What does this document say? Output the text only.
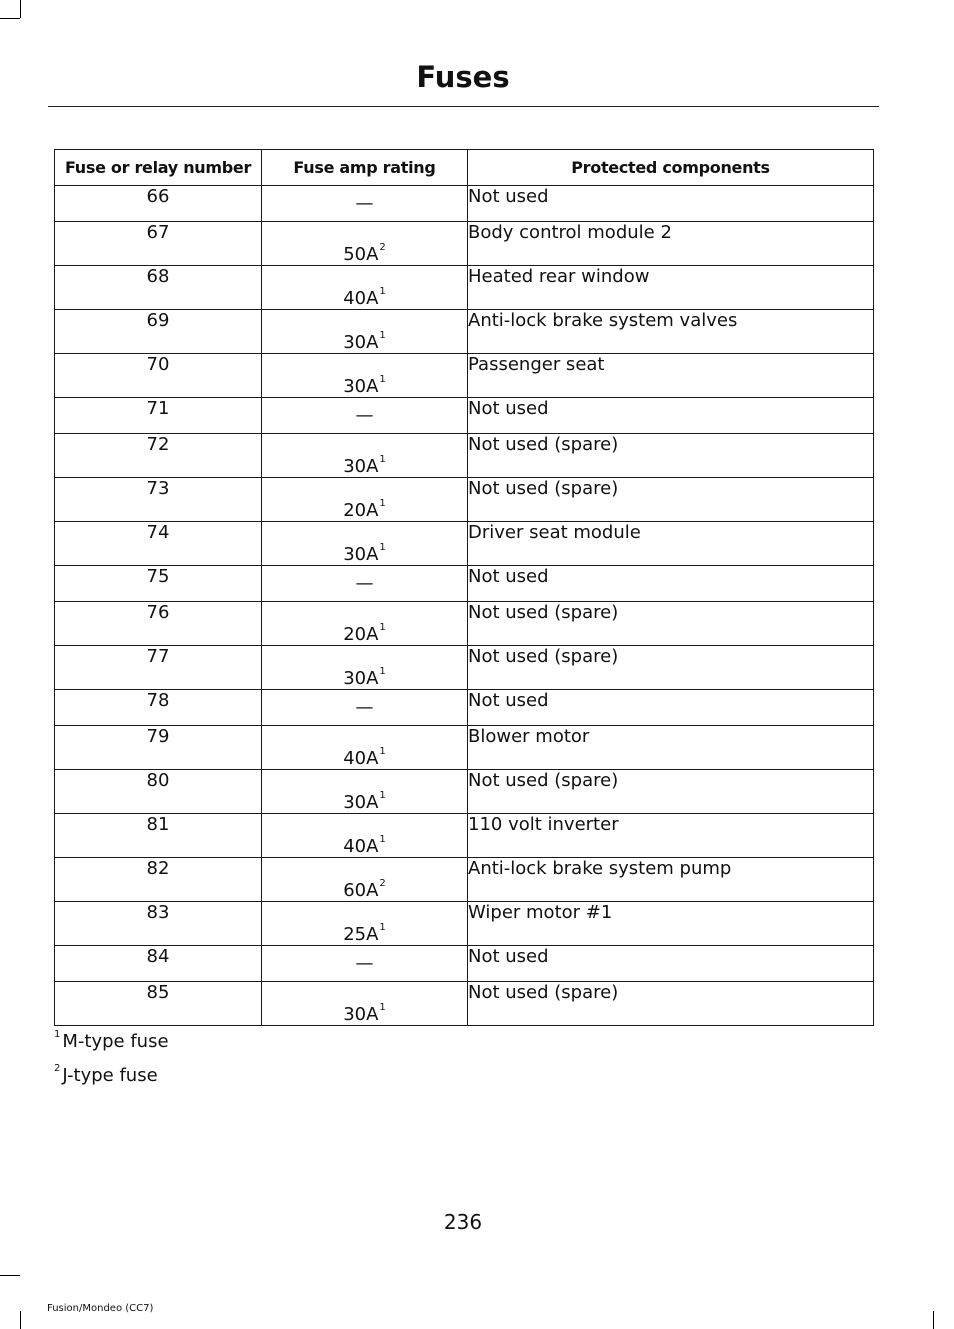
Fuses
Fuse or relay number	Fuse amp rating	Protected components
66	—	Not used
67	50A$^2$	Body control module 2
68	40A$^1$	Heated rear window
69	30A$^1$	Anti-lock brake system valves
70	30A$^1$	Passenger seat
71	—	Not used
72	30A$^1$	Not used (spare)
73	20A$^1$	Not used (spare)
74	30A$^1$	Driver seat module
75	—	Not used
76	20A$^1$	Not used (spare)
77	30A$^1$	Not used (spare)
78	—	Not used
79	40A$^1$	Blower motor
80	30A$^1$	Not used (spare)
81	40A$^1$	110 volt inverter
82	60A$^2$	Anti-lock brake system pump
83	25A$^1$	Wiper motor #1
84	—	Not used
85	30A$^1$	Not used (spare)
$^1$ M-type fuse
$^2$ J-type fuse
236
Fusion/Mondeo (CC7)
